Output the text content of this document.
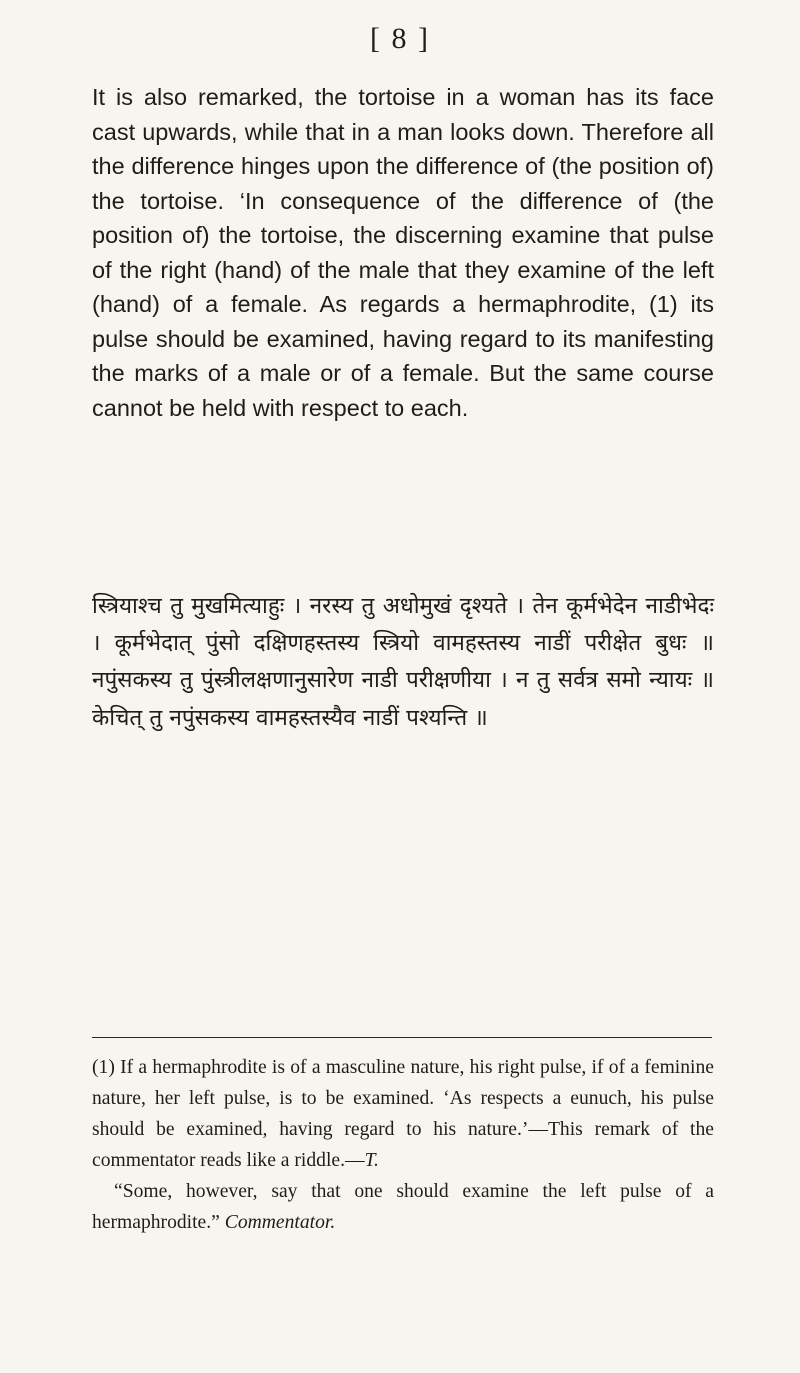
[ 8 ]

It is also remarked, the tortoise in a woman has its face cast upwards, while that in a man looks down. Therefore all the difference hinges upon the difference of (the position of) the tortoise. ‘In consequence of the difference of (the position of) the tortoise, the discerning examine that pulse of the right (hand) of the male that they examine of the left (hand) of a female. As regards a hermaphrodite, (1) its pulse should be examined, having regard to its manifesting the marks of a male or of a female. But the same course cannot be held with respect to each.

स्त्रियाश्च तु मुखमित्याहुः । नरस्य तु अधोमुखं दृश्यते । तेन कूर्मभेदेन नाडीभेदः । कूर्मभेदात् पुंसो दक्षिणहस्तस्य स्त्रियो वामहस्तस्य नाडीं परीक्षेत बुधः ॥ नपुंसकस्य तु पुंस्त्रीलक्षणानुसारेण नाडी परीक्षणीया । न तु सर्वत्र समो न्यायः ॥ केचित् तु नपुंसकस्य वामहस्तस्यैव नाडीं पश्यन्ति ॥

(1) If a hermaphrodite is of a masculine nature, his right pulse, if of a feminine nature, her left pulse, is to be examined. ‘As respects a eunuch, his pulse should be examined, having regard to his nature.’—This remark of the commentator reads like a riddle.—T.

“Some, however, say that one should examine the left pulse of a hermaphrodite.” Commentator.
